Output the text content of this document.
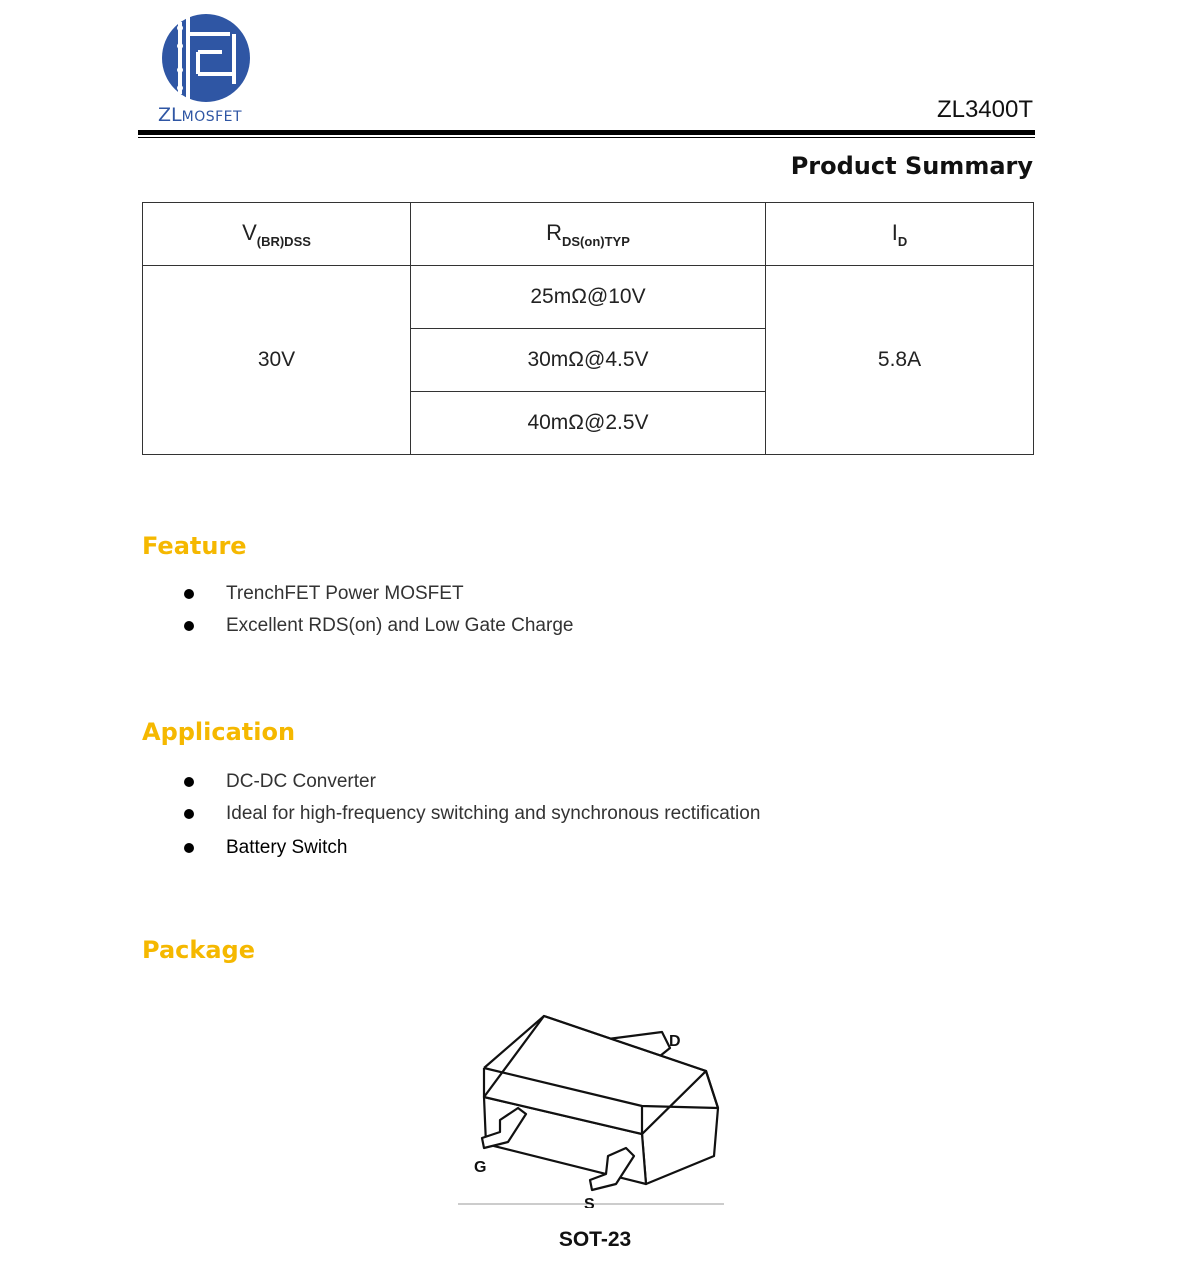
ZLMOSFET	ZL3400T
Product Summary
$V_{(BR)DSS}$	$R_{DS(on)TYP}$	$I_D$
30V	25mΩ@10V	5.8A
	30mΩ@4.5V	
	40mΩ@2.5V	
Feature
TrenchFET Power MOSFET
Excellent RDS(on) and Low Gate Charge
Application
DC-DC Converter
Ideal for high-frequency switching and synchronous rectification
Battery Switch
Package
D
G
S
SOT-23
